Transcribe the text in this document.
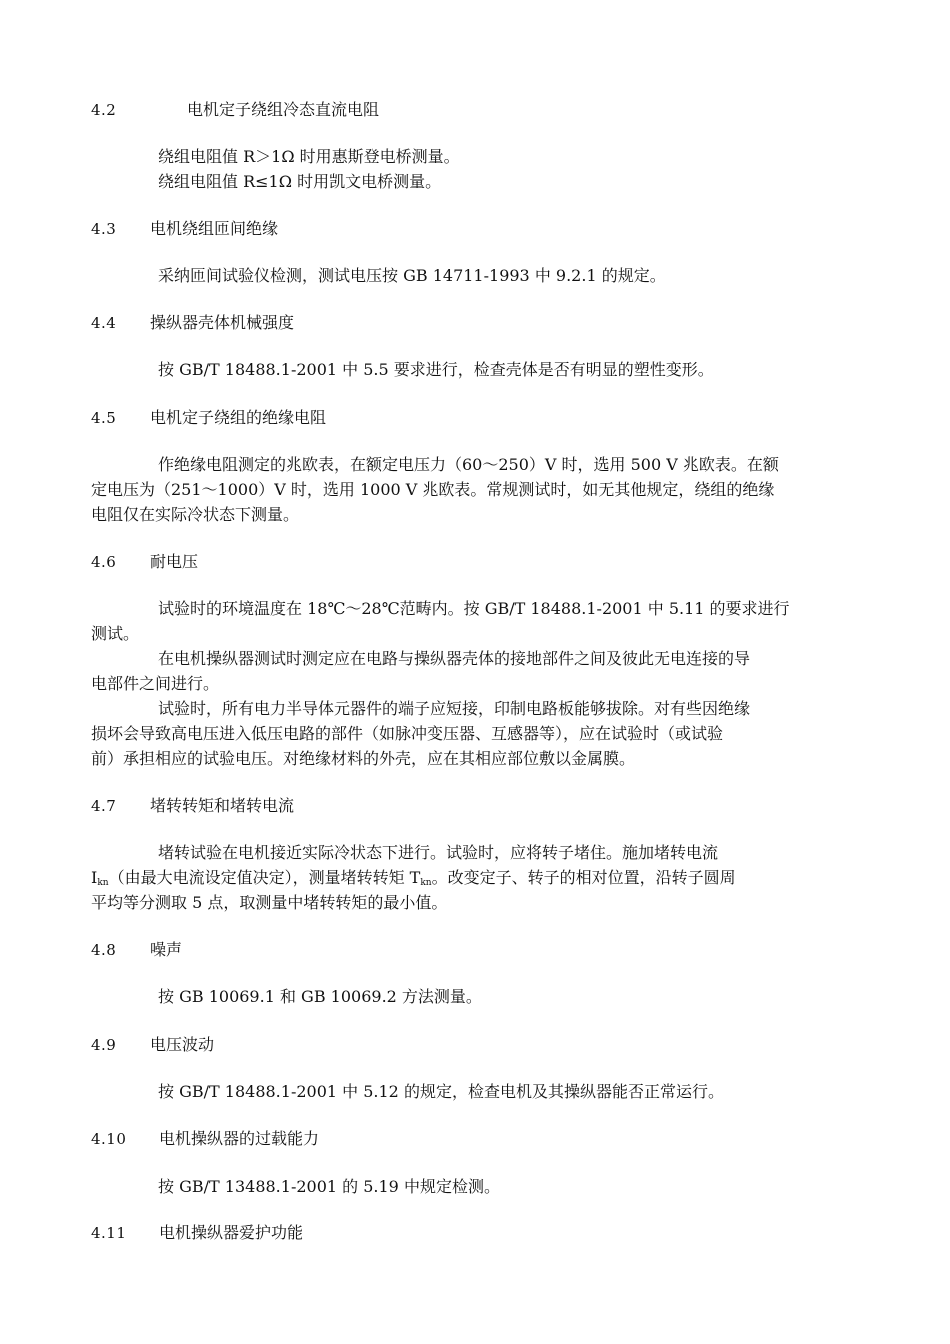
4.2	电机定子绕组冷态直流电阻
绕组电阻值 R＞1Ω 时用惠斯登电桥测量。
绕组电阻值 R≤1Ω 时用凯文电桥测量。
4.3 电机绕组匝间绝缘
采纳匝间试验仪检测，测试电压按 GB 14711-1993 中 9.2.1 的规定。
4.4 操纵器壳体机械强度
按 GB/T 18488.1-2001 中 5.5 要求进行，检查壳体是否有明显的塑性变形。
4.5 电机定子绕组的绝缘电阻
作绝缘电阻测定的兆欧表，在额定电压力（60～250）V 时，选用 500 V 兆欧表。在额
定电压为（251～1000）V 时，选用 1000 V 兆欧表。常规测试时，如无其他规定，绕组的绝缘
电阻仅在实际冷状态下测量。
4.6 耐电压
试验时的环境温度在 18℃～28℃范畴内。按 GB/T 18488.1-2001 中 5.11 的要求进行
测试。
在电机操纵器测试时测定应在电路与操纵器壳体的接地部件之间及彼此无电连接的导
电部件之间进行。
试验时，所有电力半导体元器件的端子应短接，印制电路板能够拔除。对有些因绝缘
损坏会导致高电压进入低压电路的部件（如脉冲变压器、互感器等），应在试验时（或试验
前）承担相应的试验电压。对绝缘材料的外壳，应在其相应部位敷以金属膜。
4.7 堵转转矩和堵转电流
堵转试验在电机接近实际冷状态下进行。试验时，应将转子堵住。施加堵转电流
$I_{kn}$（由最大电流设定值决定），测量堵转转矩 $T_{kn}$。改变定子、转子的相对位置，沿转子圆周
平均等分测取 5 点，取测量中堵转转矩的最小值。
4.8 噪声
按 GB 10069.1 和 GB 10069.2 方法测量。
4.9 电压波动
按 GB/T 18488.1-2001 中 5.12 的规定，检查电机及其操纵器能否正常运行。
4.10 电机操纵器的过载能力
按 GB/T 13488.1-2001 的 5.19 中规定检测。
4.11 电机操纵器爱护功能
